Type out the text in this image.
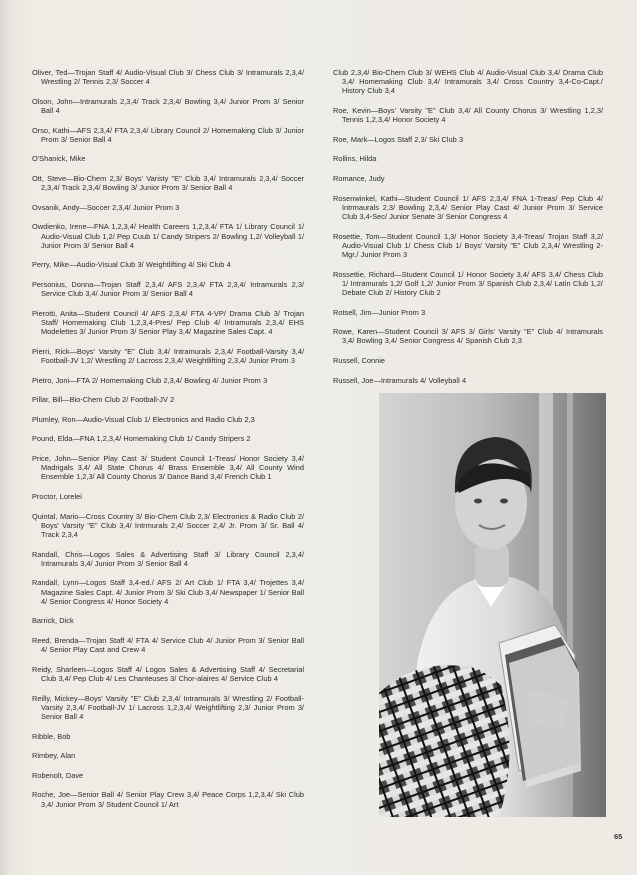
Oliver, Ted—Trojan Staff 4/ Audio-Visual Club 3/ Chess Club 3/ Intramurals 2,3,4/ Wrestling 2/ Tennis 2,3/ Soccer 4

Olson, John—Intramurals 2,3,4/ Track 2,3,4/ Bowling 3,4/ Junior Prom 3/ Senior Ball 4

Orso, Kathi—AFS 2,3,4/ FTA 2,3,4/ Library Council 2/ Homemaking Club 3/ Junior Prom 3/ Senior Ball 4

O'Shanick, Mike

Ott, Steve—Bio-Chem 2,3/ Boys' Varisty "E" Club 3,4/ Intramurals 2,3,4/ Soccer 2,3,4/ Track 2,3,4/ Bowling 3/ Junior Prom 3/ Senior Ball 4

Ovsanik, Andy—Soccer 2,3,4/ Junior Prom 3

Owdienko, Irene—FNA 1,2,3,4/ Health Careers 1,2,3,4/ FTA 1/ Library Council 1/ Audio-Visual Club 1,2/ Pep Cuub 1/ Candy Stripers 2/ Bowling 1,2/ Volleyball 1/ Junior Prom 3/ Senior Ball 4

Perry, Mike—Audio-Visual Club 3/ Weightlifting 4/ Ski Club 4

Personius, Donna—Trojan Staff 2,3,4/ AFS 2,3,4/ FTA 2,3,4/ Intramurals 2,3/ Service Club 3,4/ Junior Prom 3/ Senior Ball 4

Pierotti, Anita—Student Council 4/ AFS 2,3,4/ FTA 4-VP/ Drama Club 3/ Trojan Staff/ Homemaking Club 1,2,3,4-Pres/ Pep Club 4/ Intramurals 2,3,4/ EHS Modelettes 3/ Junior Prom 3/ Senior Play 3,4/ Magazine Sales Capt. 4

Pierri, Rick—Boys' Varsity "E" Club 3,4/ Intramurals 2,3,4/ Football-Varsity 3,4/ Football-JV 1,2/ Wrestling 2/ Lacross 2,3,4/ Weightlifting 2,3,4/ Junior Prom 3

Pietro, Joni—FTA 2/ Homemaking Club 2,3,4/ Bowling 4/ Junior Prom 3

Pillar, Bill—Bio-Chem Club 2/ Football-JV 2

Plumley, Ron—Audio-Visual Club 1/ Electronics and Radio Club 2,3

Pound, Elda—FNA 1,2,3,4/ Homemaking Club 1/ Candy Stripers 2

Price, John—Senior Play Cast 3/ Student Council 1-Treas/ Honor Society 3,4/ Madrigals 3,4/ All State Chorus 4/ Brass Ensemble 3,4/ All County Wind Ensemble 1,2,3/ All County Chorus 3/ Dance Band 3,4/ French Club 1

Proctor, Lorelei

Quintal, Mario—Cross Country 3/ Bio-Chem Club 2,3/ Electronics & Radio Club 2/ Boys' Varsity "E" Club 3,4/ Intrmurals 2,4/ Soccer 2,4/ Jr. Prom 3/ Sr. Ball 4/ Track 2,3,4

Randall, Chris—Logos Sales & Advertising Staff 3/ Library Council 2,3,4/ Intramurals 3,4/ Junior Prom 3/ Senior Ball 4

Randall, Lynn—Logos Staff 3,4-ed./ AFS 2/ Art Club 1/ FTA 3,4/ Trojettes 3,4/ Magazine Sales Capt. 4/ Junior Prom 3/ Ski Club 3,4/ Newspaper 1/ Senior Ball 4/ Senior Congress 4/ Honor Society 4

Barrick, Dick

Reed, Brenda—Trojan Staff 4/ FTA 4/ Service Club 4/ Junior Prom 3/ Senior Ball 4/ Senior Play Cast and Crew 4

Reidy, Sharleen—Logos Staff 4/ Logos Sales & Advertising Staff 4/ Secretarial Club 3,4/ Pep Club 4/ Les Chanteuses 3/ Chor-alaires 4/ Service Club 4

Reilly, Mickey—Boys' Varsity "E" Club 2,3,4/ Intramurals 3/ Wrestling 2/ Football-Varsity 2,3,4/ Football-JV 1/ Lacross 1,2,3,4/ Weightlifting 2,3/ Junior Prom 3/ Senior Ball 4

Ribble, Bob

Rimbey, Alan

Robenolt, Dave

Roche, Joe—Senior Ball 4/ Senior Play Crew 3,4/ Peace Corps 1,2,3,4/ Ski Club 3,4/ Junior Prom 3/ Student Council 1/ Art

Club 2,3,4/ Bio-Chem Club 3/ WEHS Club 4/ Audio-Visual Club 3,4/ Drama Club 3,4/ Homemaking Club 3,4/ Intramurals 3,4/ Cross Country 3,4-Co-Capt./ History Club 3,4

Roe, Kevin—Boys' Varsity "E" Club 3,4/ All County Chorus 3/ Wrestling 1,2,3/ Tennis 1,2,3,4/ Honor Society 4

Roe, Mark—Logos Staff 2,3/ Ski Club 3

Rollins, Hilda

Romance, Judy

Rosenwinkel, Kathi—Student Council 1/ AFS 2,3,4/ FNA 1-Treas/ Pep Club 4/ Intrmaurals 2,3/ Bowling 2,3,4/ Senior Play Cast 4/ Junior Prom 3/ Service Club 3,4-Sec/ Junior Senate 3/ Senior Congress 4

Rosettie, Tom—Student Council 1,3/ Honor Society 3,4-Treas/ Trojan Staff 3,2/ Audio-Visual Club 1/ Chess Club 1/ Boys' Varsity "E" Club 2,3,4/ Wrestling 2-Mgr./ Junior Prom 3

Rossettie, Richard—Student Council 1/ Honor Society 3,4/ AFS 3,4/ Chess Club 1/ Intramurals 1,2/ Golf 1,2/ Junior Prom 3/ Spanish Club 2,3,4/ Latin Club 1,2/ Debate Club 2/ History Club 2

Rotsell, Jim—Junior Prom 3

Rowe, Karen—Student Council 3/ AFS 3/ Girls' Varsity "E" Club 4/ Intramurals 3,4/ Bowling 3,4/ Senior Congress 4/ Spanish Club 2,3

Russell, Connie

Russell, Joe—Intramurals 4/ Volleyball 4

65
